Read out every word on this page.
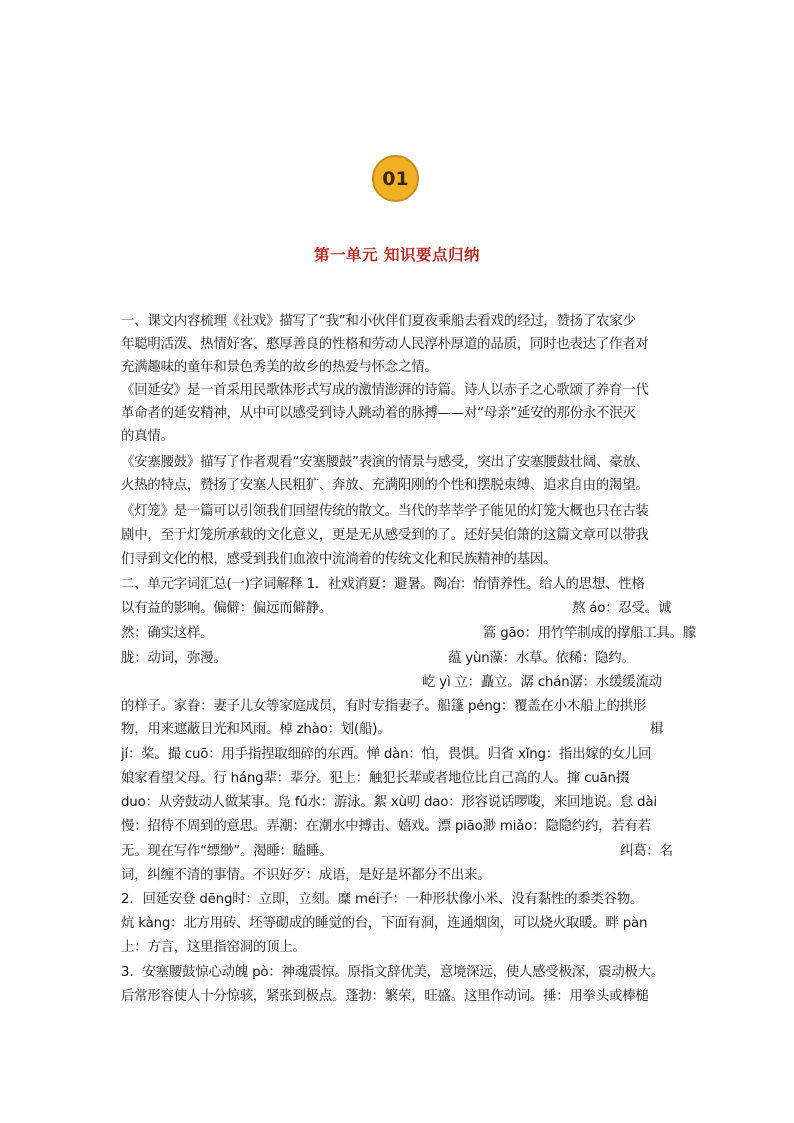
01
第一单元 知识要点归纳
一、课文内容梳理《社戏》描写了“我”和小伙伴们夏夜乘船去看戏的经过，赞扬了农家少
年聪明活泼、热情好客、憨厚善良的性格和劳动人民淳朴厚道的品质，同时也表达了作者对
充满趣味的童年和景色秀美的故乡的热爱与怀念之情。
《回延安》是一首采用民歌体形式写成的激情澎湃的诗篇。诗人以赤子之心歌颂了养育一代
革命者的延安精神，从中可以感受到诗人跳动着的脉搏——对“母亲”延安的那份永不泯灭
的真情。
《安塞腰鼓》描写了作者观看“安塞腰鼓”表演的情景与感受，突出了安塞腰鼓壮阔、豪放、
火热的特点，赞扬了安塞人民粗犷、奔放、充满阳刚的个性和摆脱束缚、追求自由的渴望。
《灯笼》是一篇可以引领我们回望传统的散文。当代的莘莘学子能见的灯笼大概也只在古装
剧中，至于灯笼所承载的文化意义，更是无从感受到的了。还好吴伯箫的这篇文章可以带我
们寻到文化的根，感受到我们血液中流淌着的传统文化和民族精神的基因。
二、单元字词汇总(一)字词解释 1．社戏消夏：避暑。陶冶：怡情养性。给人的思想、性格
以有益的影响。偏僻：偏远而僻静。	熬 áo：忍受。诚
然：确实这样。	篙 gāo：用竹竿制成的撑船工具。朦
胧：动词，弥漫。	蕴 yùn藻：水草。依稀：隐约。
屹 yì 立：矗立。潺 chán潺：水缓缓流动
的样子。家眷：妻子儿女等家庭成员，有时专指妻子。船篷 péng：覆盖在小木船上的拱形
物，用来遮蔽日光和风雨。棹 zhào：划(船)。	楫
jí：桨。撮 cuō：用手指捏取细碎的东西。惮 dàn：怕，畏惧。归省 xǐng：指出嫁的女儿回
娘家看望父母。行 háng辈：辈分。犯上：触犯长辈或者地位比自己高的人。撺 cuān掇
duo：从旁鼓动人做某事。凫 fú水：游泳。絮 xù叨 dao：形容说话啰唆，来回地说。怠 dài
慢：招待不周到的意思。弄潮：在潮水中搏击、嬉戏。漂 piāo渺 miǎo：隐隐约约，若有若
无。现在写作“缥缈”。渴睡：瞌睡。	纠葛：名
词，纠缠不清的事情。不识好歹：成语，是好是坏都分不出来。
2．回延安登 dēng时：立即，立刻。糜 méi子：一种形状像小米、没有黏性的黍类谷物。
炕 kàng：北方用砖、坯等砌成的睡觉的台，下面有洞，连通烟囱，可以烧火取暖。畔 pàn
上：方言，这里指窑洞的顶上。
3．安塞腰鼓惊心动魄 pò：神魂震惊。原指文辞优美，意境深远，使人感受极深，震动极大。
后常形容使人十分惊骇，紧张到极点。蓬勃：繁荣，旺盛。这里作动词。捶：用拳头或棒槌
